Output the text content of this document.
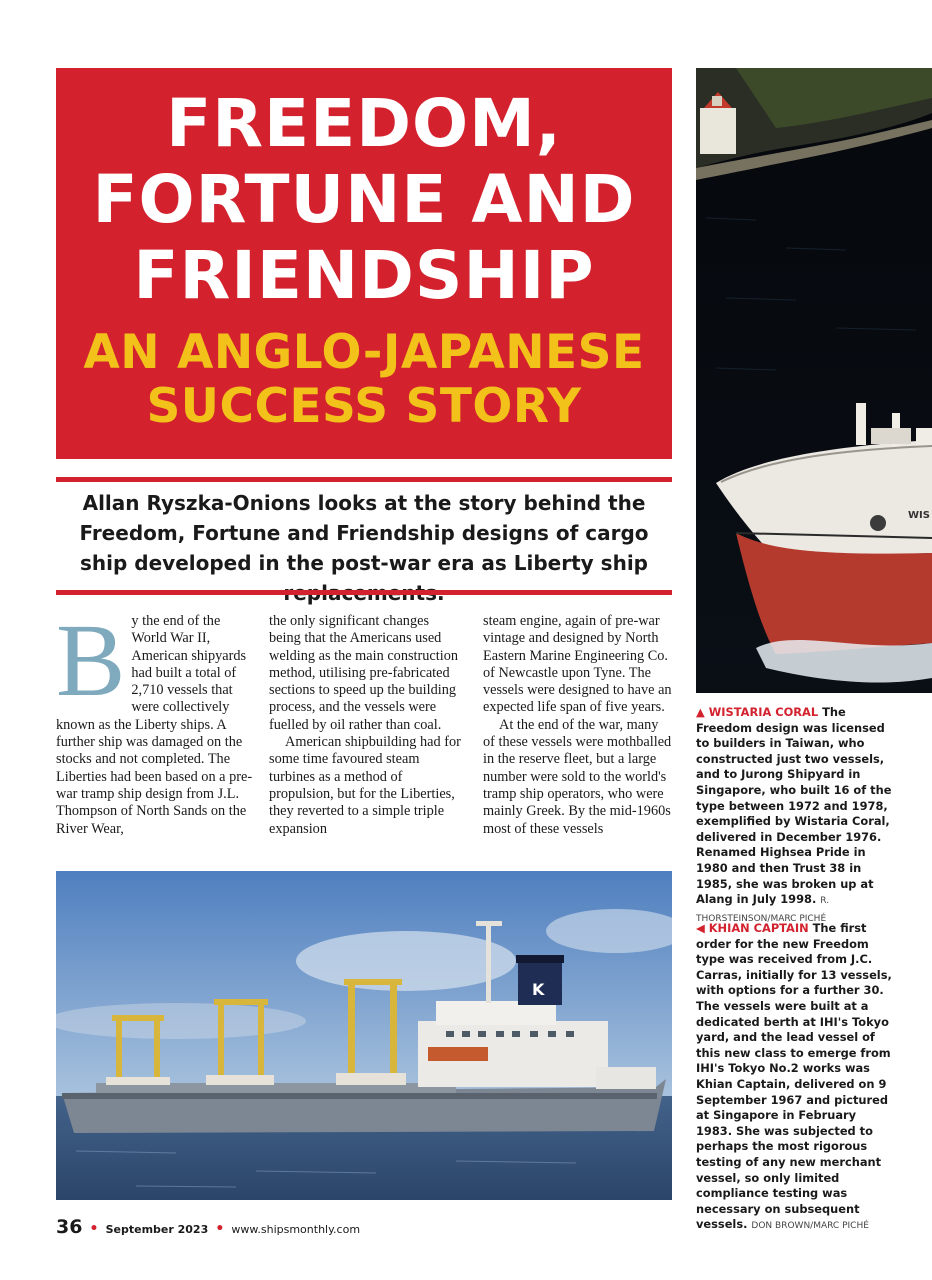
FREEDOM,
FORTUNE AND
FRIENDSHIP
AN ANGLO-JAPANESE
SUCCESS STORY
Allan Ryszka-Onions looks at the story behind the Freedom, Fortune and Friendship designs of cargo ship developed in the post-war era as Liberty ship
B y the end of the World War II, American shipyards had built a total of 2,710 vessels that were collectively known as the Liberty ships. A further ship was damaged on the stocks and not completed. The Liberties had been based on a pre-war tramp ship design from J.L. Thompson of North Sands on the River Wear,

the only significant changes being that the Americans used welding as the main construction method, utilising pre-fabricated sections to speed up the building process, and the vessels were fuelled by oil rather than coal.

American shipbuilding had for some time favoured steam turbines as a method of propulsion, but for the Liberties, they reverted to a simple triple expansion

steam engine, again of pre-war vintage and designed by North Eastern Marine Engineering Co. of Newcastle upon Tyne. The vessels were designed to have an expected life span of five years.

At the end of the war, many of these vessels were mothballed in the reserve fleet, but a large number were sold to the world's tramp ship operators, who were mainly Greek. By the mid-1960s most of these vessels

WIS
▲ WISTARIA CORAL The Freedom design was licensed to builders in Taiwan, who constructed just two vessels, and to Jurong Shipyard in Singapore, who built 16 of the type between 1972 and 1978, exemplified by Wistaria Coral, delivered in December 1976. Renamed Highsea Pride in 1980 and then Trust 38 in 1985, she was broken up at Alang in July 1998. R. THORSTEINSON/MARC PICHÉ
◀ KHIAN CAPTAIN The first order for the new Freedom type was received from J.C. Carras, initially for 13 vessels, with options for a further 30. The vessels were built at a dedicated berth at IHI's Tokyo yard, and the lead vessel of this new class to emerge from IHI's Tokyo No.2 works was Khian Captain, delivered on 9 September 1967 and pictured at Singapore in February 1983. She was subjected to perhaps the most rigorous testing of any new merchant vessel, so only limited compliance testing was necessary on subsequent vessels. DON BROWN/MARC PICHÉ
K
36 • September 2023 • www.shipsmonthly.com
